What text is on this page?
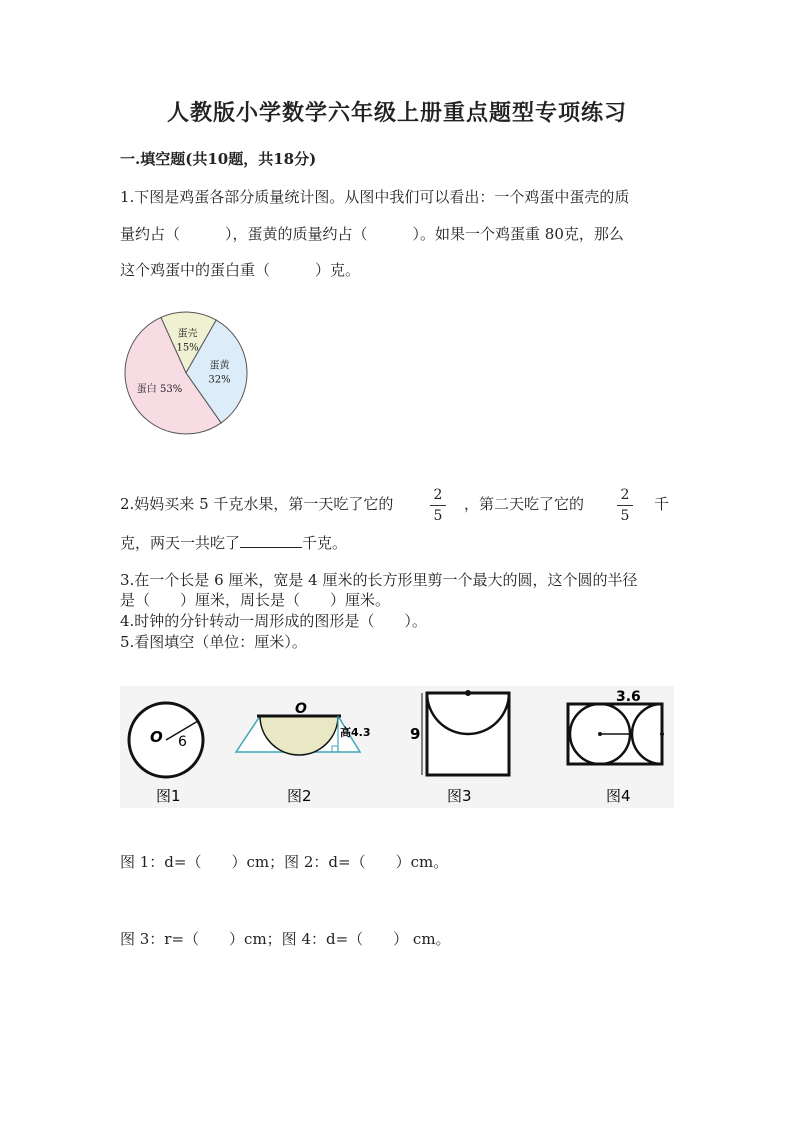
人教版小学数学六年级上册重点题型专项练习
一.填空题(共10题，共18分)
1.下图是鸡蛋各部分质量统计图。从图中我们可以看出：一个鸡蛋中蛋壳的质
量约占（　　　），蛋黄的质量约占（　　　）。如果一个鸡蛋重 80克，那么
这个鸡蛋中的蛋白重（　　　）克。
蛋壳
15%
蛋黄
32%
蛋白 53%
2.妈妈买来 5 千克水果，第一天吃了它的	2
5
，第二天吃了它的	2
5
千
克，两天一共吃了	千克。
3.在一个长是 6 厘米，宽是 4 厘米的长方形里剪一个最大的圆，这个圆的半径
是（　　）厘米，周长是（　　）厘米。
4.时钟的分针转动一周形成的图形是（　　）。
5.看图填空（单位：厘米）。
O 6
图1
O
高4.3
图2
9
图3
3.6
图4
图 1：d=（　　）cm；图 2：d=（　　）cm。
图 3：r=（　　）cm；图 4：d=（　　） cm。
